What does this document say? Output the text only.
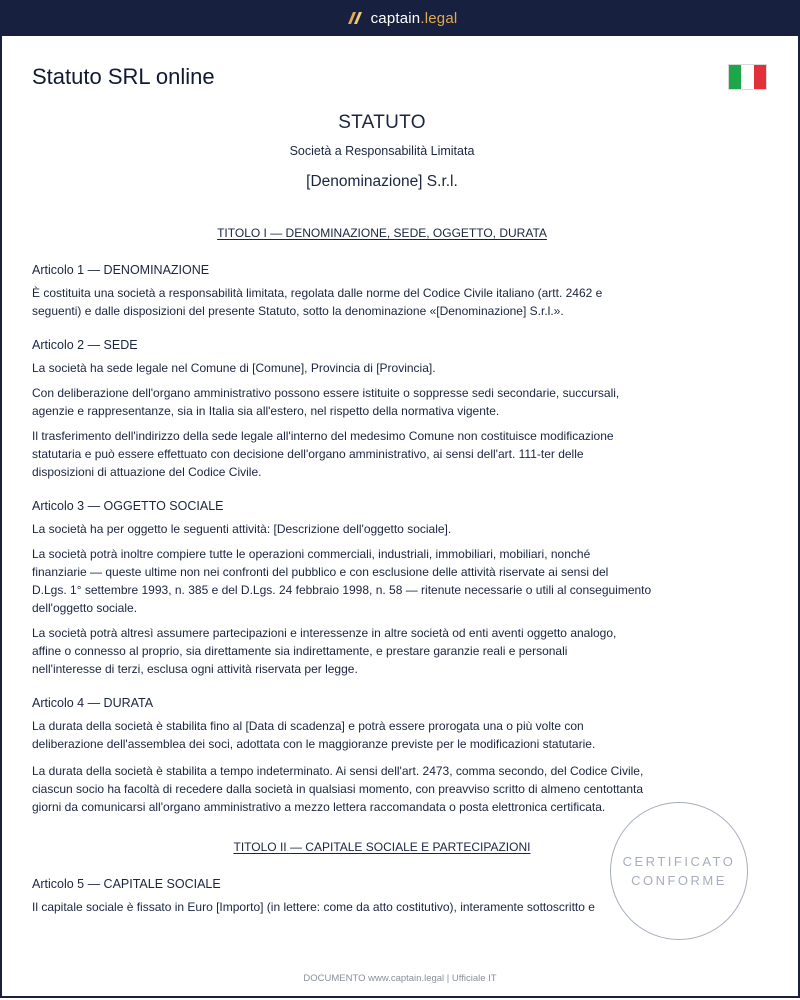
captain.legal
Statuto SRL online
STATUTO
Società a Responsabilità Limitata
[Denominazione] S.r.l.
TITOLO I — DENOMINAZIONE, SEDE, OGGETTO, DURATA
Articolo 1 — DENOMINAZIONE

È costituita una società a responsabilità limitata, regolata dalle norme del Codice Civile italiano (artt. 2462 e
seguenti) e dalle disposizioni del presente Statuto, sotto la denominazione «[Denominazione] S.r.l.».

Articolo 2 — SEDE

La società ha sede legale nel Comune di [Comune], Provincia di [Provincia].

Con deliberazione dell'organo amministrativo possono essere istituite o soppresse sedi secondarie, succursali,
agenzie e rappresentanze, sia in Italia sia all'estero, nel rispetto della normativa vigente.

Il trasferimento dell'indirizzo della sede legale all'interno del medesimo Comune non costituisce modificazione
statutaria e può essere effettuato con decisione dell'organo amministrativo, ai sensi dell'art. 111-ter delle
disposizioni di attuazione del Codice Civile.

Articolo 3 — OGGETTO SOCIALE

La società ha per oggetto le seguenti attività: [Descrizione dell'oggetto sociale].

La società potrà inoltre compiere tutte le operazioni commerciali, industriali, immobiliari, mobiliari, nonché
finanziarie — queste ultime non nei confronti del pubblico e con esclusione delle attività riservate ai sensi del
D.Lgs. 1° settembre 1993, n. 385 e del D.Lgs. 24 febbraio 1998, n. 58 — ritenute necessarie o utili al conseguimento
dell'oggetto sociale.

La società potrà altresì assumere partecipazioni e interessenze in altre società od enti aventi oggetto analogo,
affine o connesso al proprio, sia direttamente sia indirettamente, e prestare garanzie reali e personali
nell'interesse di terzi, esclusa ogni attività riservata per legge.

Articolo 4 — DURATA

La durata della società è stabilita fino al [Data di scadenza] e potrà essere prorogata una o più volte con
deliberazione dell'assemblea dei soci, adottata con le maggioranze previste per le modificazioni statutarie.

La durata della società è stabilita a tempo indeterminato. Ai sensi dell'art. 2473, comma secondo, del Codice Civile,
ciascun socio ha facoltà di recedere dalla società in qualsiasi momento, con preavviso scritto di almeno centottanta
giorni da comunicarsi all'organo amministrativo a mezzo lettera raccomandata o posta elettronica certificata.

TITOLO II — CAPITALE SOCIALE E PARTECIPAZIONI
Articolo 5 — CAPITALE SOCIALE

Il capitale sociale è fissato in Euro [Importo] (in lettere: come da atto costitutivo), interamente sottoscritto e

CERTIFICATO
CONFORME
DOCUMENTO www.captain.legal | Ufficiale IT
